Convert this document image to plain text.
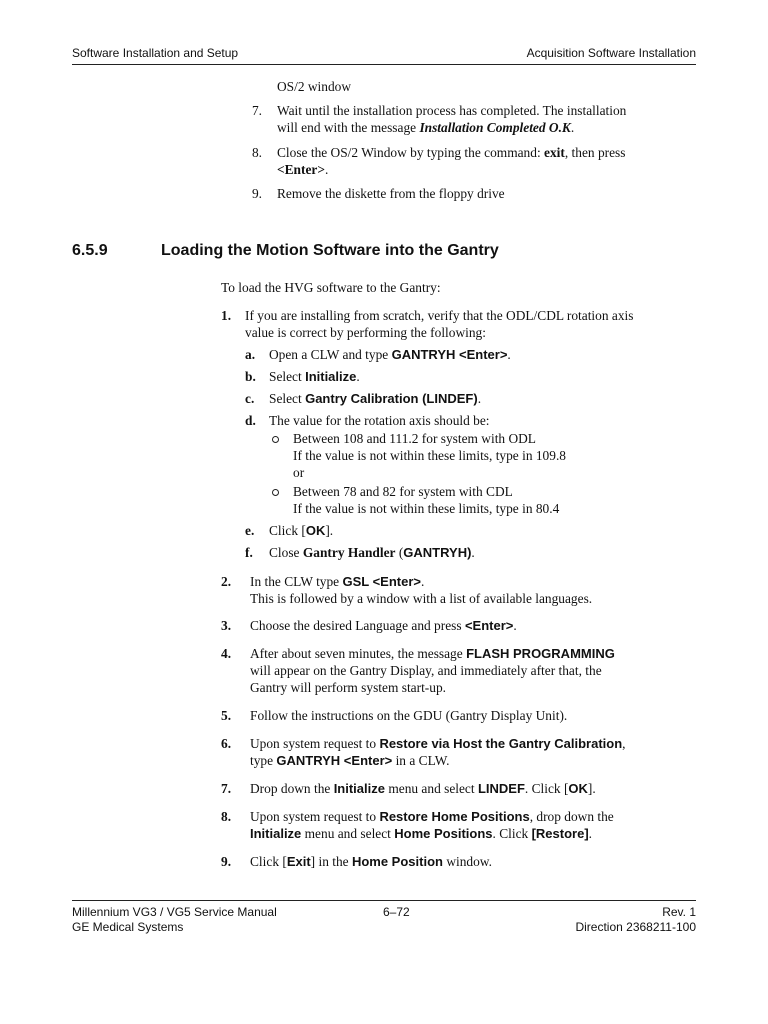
Software Installation and Setup	Acquisition Software Installation
OS/2 window
7. Wait until the installation process has completed. The installation
will end with the message Installation Completed O.K.
8. Close the OS/2 Window by typing the command: exit, then press
<Enter>.
9. Remove the diskette from the floppy drive
6.5.9	Loading the Motion Software into the Gantry
To load the HVG software to the Gantry:
1. If you are installing from scratch, verify that the ODL/CDL rotation axis
value is correct by performing the following:
a. Open a CLW and type GANTRYH <Enter>.
b. Select Initialize.
c. Select Gantry Calibration (LINDEF).
d. The value for the rotation axis should be:
Between 108 and 111.2 for system with ODL
If the value is not within these limits, type in 109.8
or
Between 78 and 82 for system with CDL
If the value is not within these limits, type in 80.4
e. Click [OK].
f. Close Gantry Handler (GANTRYH).
2. In the CLW type GSL <Enter>.
This is followed by a window with a list of available languages.
3. Choose the desired Language and press <Enter>.
4. After about seven minutes, the message FLASH PROGRAMMING
will appear on the Gantry Display, and immediately after that, the
Gantry will perform system start-up.
5. Follow the instructions on the GDU (Gantry Display Unit).
6. Upon system request to Restore via Host the Gantry Calibration,
type GANTRYH <Enter> in a CLW.
7. Drop down the Initialize menu and select LINDEF. Click [OK].
8. Upon system request to Restore Home Positions, drop down the
Initialize menu and select Home Positions. Click [Restore].
9. Click [Exit] in the Home Position window.
Millennium VG3 / VG5 Service Manual
GE Medical Systems
6–72	Rev. 1
Direction 2368211-100
